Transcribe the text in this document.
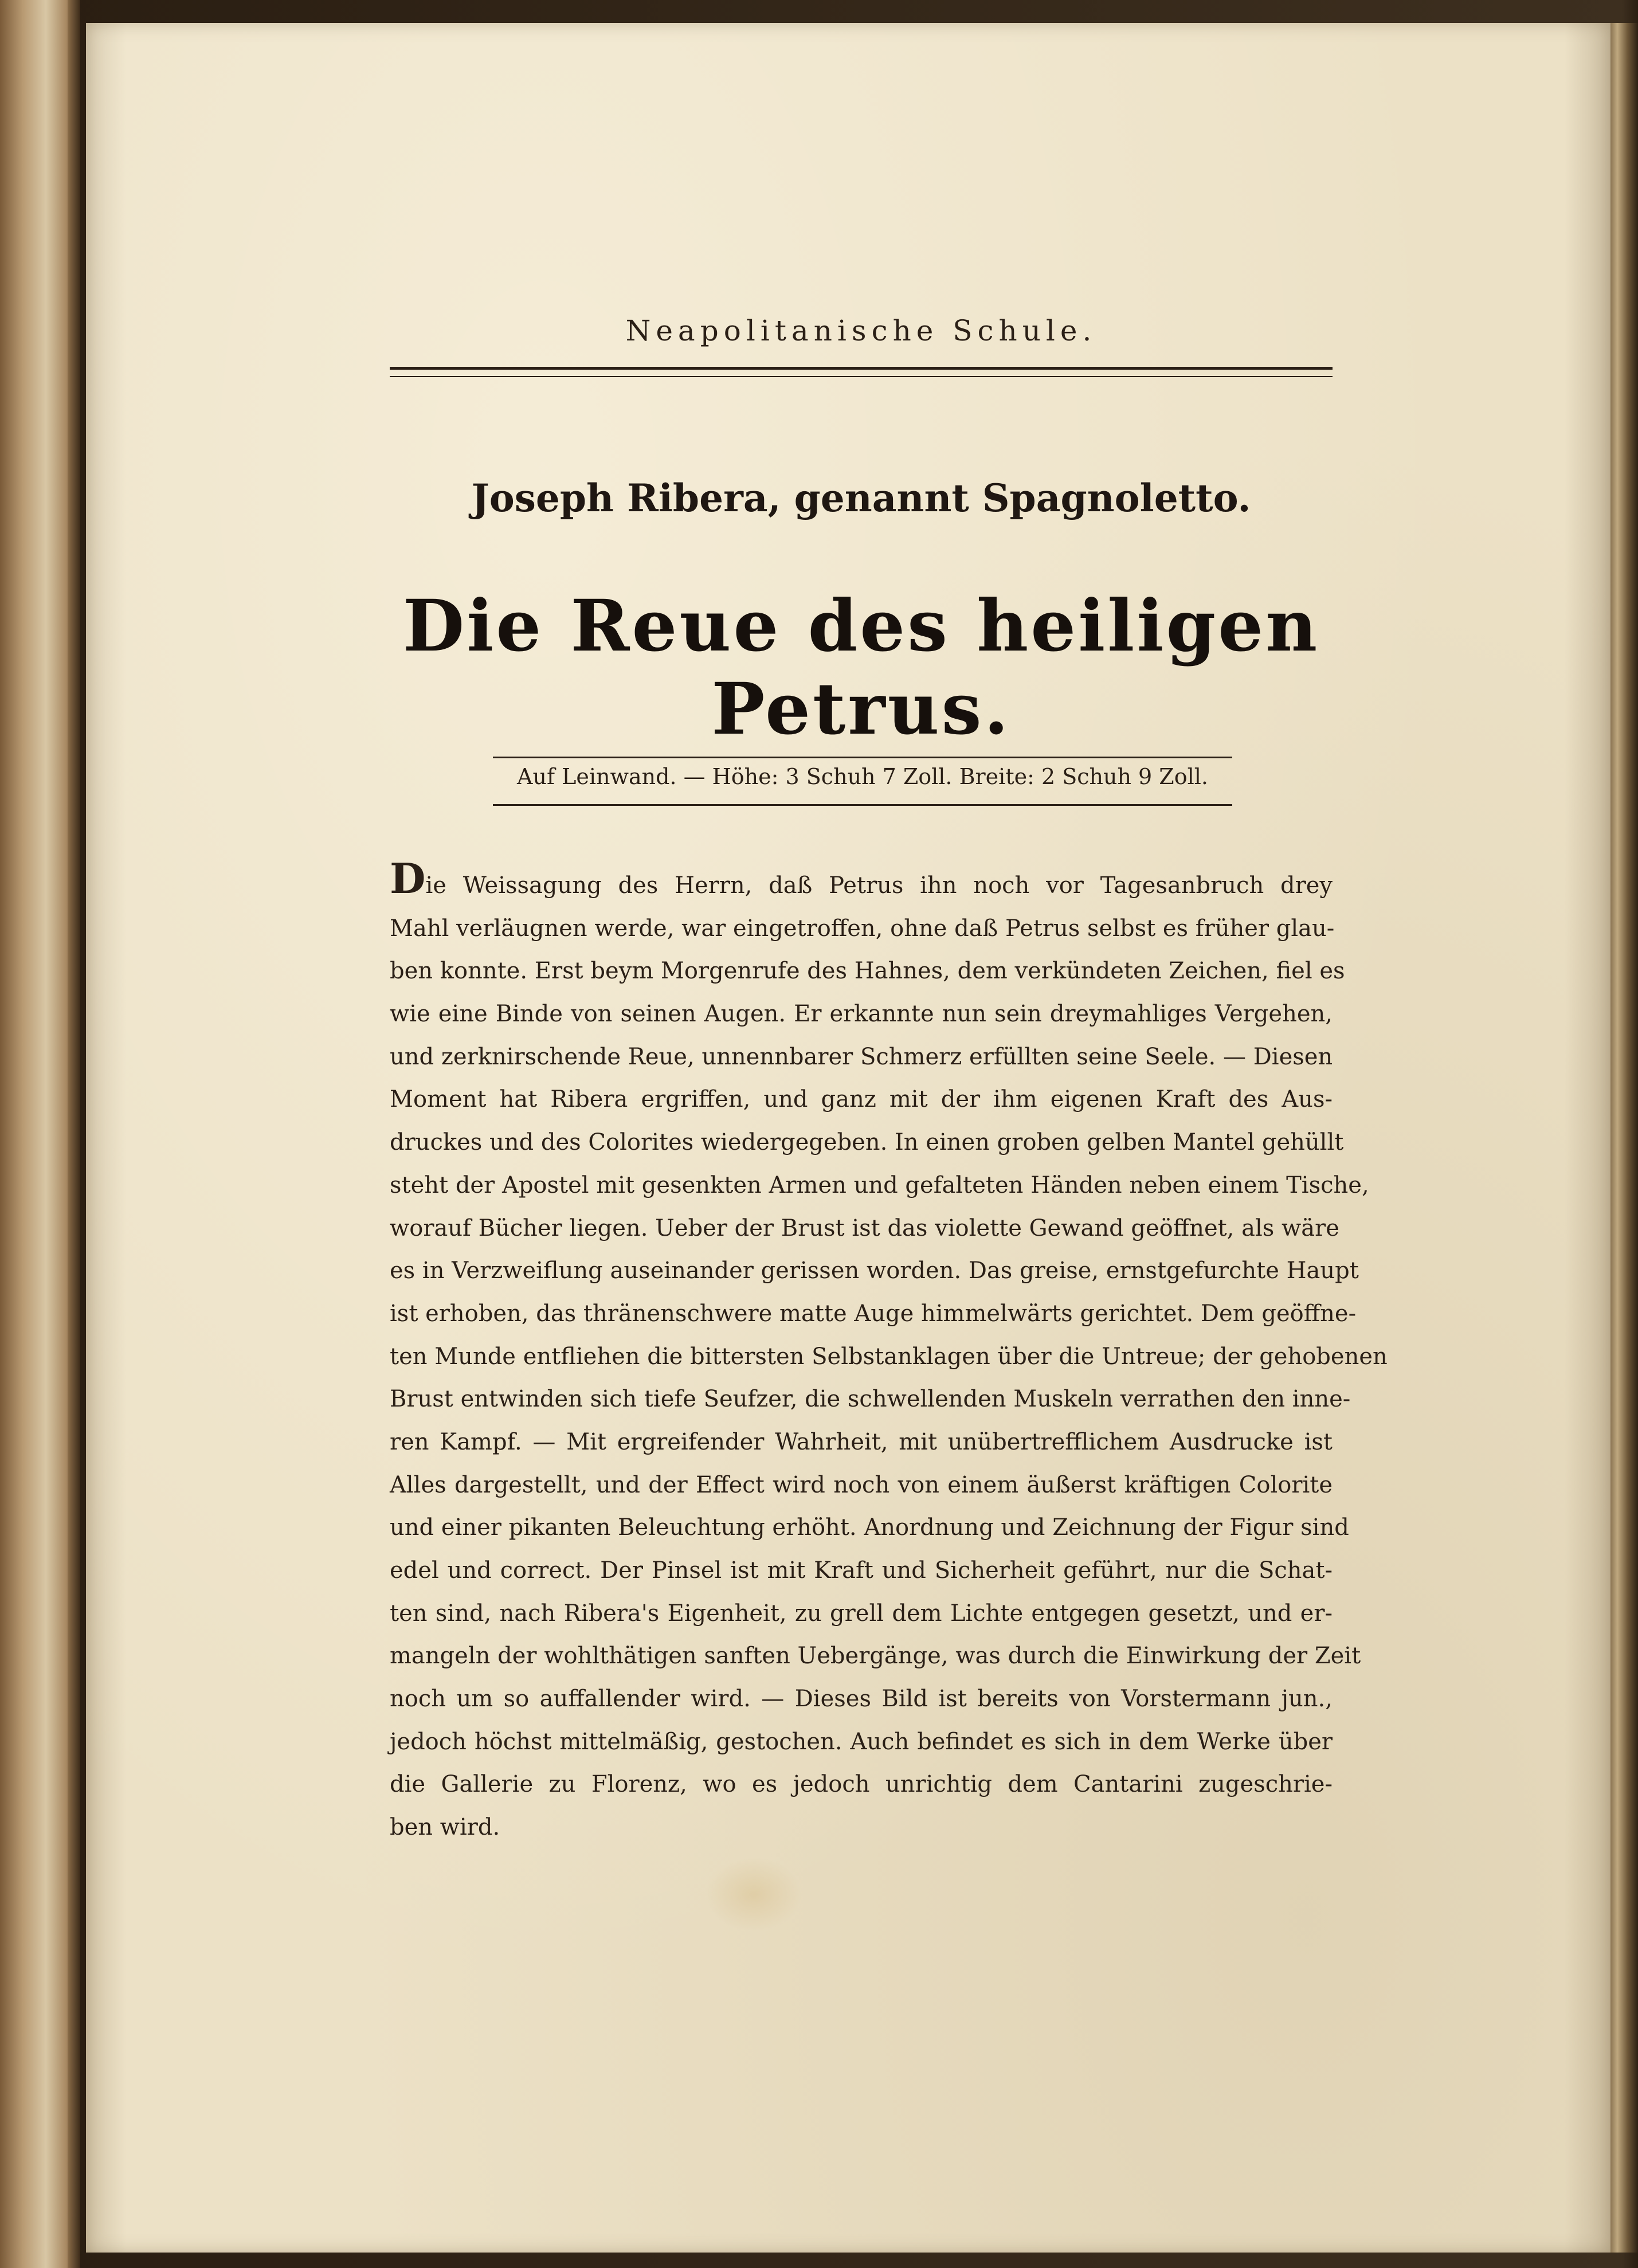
Neapolitanische Schule.
Joseph Ribera, genannt Spagnoletto.
Die Reue des heiligen Petrus.
Auf Leinwand. — Höhe: 3 Schuh 7 Zoll. Breite: 2 Schuh 9 Zoll.
Die Weissagung des Herrn, daß Petrus ihn noch vor Tagesanbruch drey
Mahl verläugnen werde, war eingetroffen, ohne daß Petrus selbst es früher glau-
ben konnte. Erst beym Morgenrufe des Hahnes, dem verkündeten Zeichen, fiel es
wie eine Binde von seinen Augen. Er erkannte nun sein dreymahliges Vergehen,
und zerknirschende Reue, unnennbarer Schmerz erfüllten seine Seele. — Diesen
Moment hat Ribera ergriffen, und ganz mit der ihm eigenen Kraft des Aus-
druckes und des Colorites wiedergegeben. In einen groben gelben Mantel gehüllt
steht der Apostel mit gesenkten Armen und gefalteten Händen neben einem Tische,
worauf Bücher liegen. Ueber der Brust ist das violette Gewand geöffnet, als wäre
es in Verzweiflung auseinander gerissen worden. Das greise, ernstgefurchte Haupt
ist erhoben, das thränenschwere matte Auge himmelwärts gerichtet. Dem geöffne-
ten Munde entfliehen die bittersten Selbstanklagen über die Untreue; der gehobenen
Brust entwinden sich tiefe Seufzer, die schwellenden Muskeln verrathen den inne-
ren Kampf. — Mit ergreifender Wahrheit, mit unübertrefflichem Ausdrucke ist
Alles dargestellt, und der Effect wird noch von einem äußerst kräftigen Colorite
und einer pikanten Beleuchtung erhöht. Anordnung und Zeichnung der Figur sind
edel und correct. Der Pinsel ist mit Kraft und Sicherheit geführt, nur die Schat-
ten sind, nach Ribera's Eigenheit, zu grell dem Lichte entgegen gesetzt, und er-
mangeln der wohlthätigen sanften Uebergänge, was durch die Einwirkung der Zeit
noch um so auffallender wird. — Dieses Bild ist bereits von Vorstermann jun.,
jedoch höchst mittelmäßig, gestochen. Auch befindet es sich in dem Werke über
die Gallerie zu Florenz, wo es jedoch unrichtig dem Cantarini zugeschrie-
ben wird.
